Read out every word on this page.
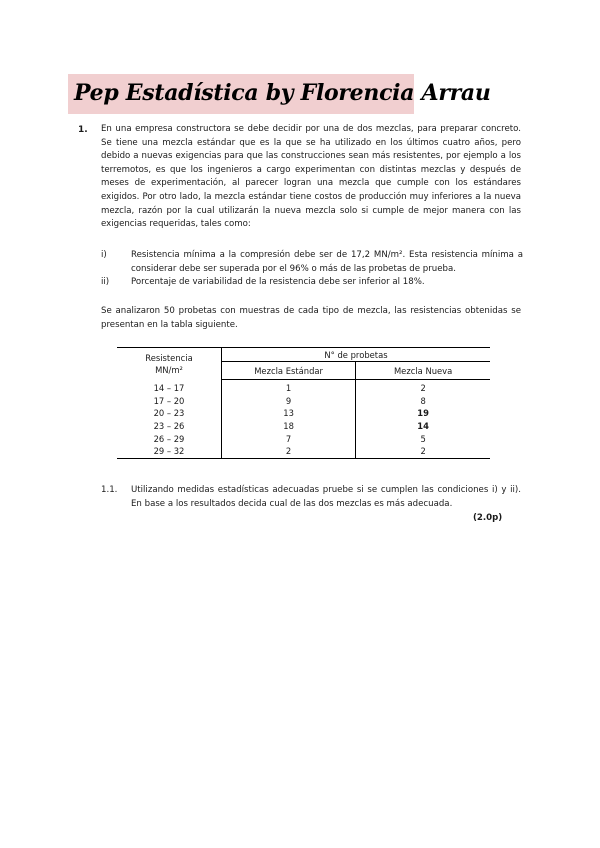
Pep Estadística by Florencia Arrau
1. En una empresa constructora se debe decidir por una de dos mezclas, para preparar concreto. Se tiene una mezcla estándar que es la que se ha utilizado en los últimos cuatro años, pero debido a nuevas exigencias para que las construcciones sean más resistentes, por ejemplo a los terremotos, es que los ingenieros a cargo experimentan con distintas mezclas y después de meses de experimentación, al parecer logran una mezcla que cumple con los estándares exigidos. Por otro lado, la mezcla estándar tiene costos de producción muy inferiores a la nueva mezcla, razón por la cual utilizarán la nueva mezcla solo si cumple de mejor manera con las exigencias requeridas, tales como:
i)	Resistencia mínima a la compresión debe ser de 17,2 MN/m². Esta resistencia mínima a considerar debe ser superada por el 96% o más de las probetas de prueba.
ii)	Porcentaje de variabilidad de la resistencia debe ser inferior al 18%.
Se analizaron 50 probetas con muestras de cada tipo de mezcla, las resistencias obtenidas se presentan en la tabla siguiente.
Resistencia
MN/m²	N° de probetas	
	Mezcla Estándar	Mezcla Nueva
14 – 17	1	2
17 – 20	9	8
20 – 23	13	19
23 – 26	18	14
26 – 29	7	5
29 – 32	2	2
1.1. Utilizando medidas estadísticas adecuadas pruebe si se cumplen las condiciones i) y ii). En base a los resultados decida cual de las dos mezclas es más adecuada.
(2.0p)
